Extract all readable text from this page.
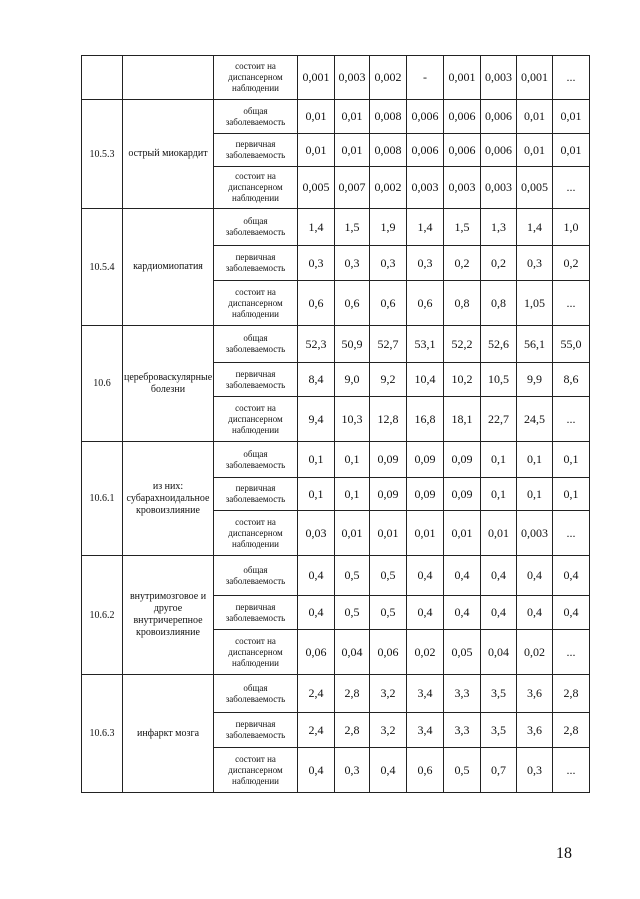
		состоит на диспансерном наблюдении	0,001	0,003	0,002	-	0,001	0,003	0,001	...
10.5.3	острый миокардит	общая заболеваемость	0,01	0,01	0,008	0,006	0,006	0,006	0,01	0,01
		первичная заболеваемость	0,01	0,01	0,008	0,006	0,006	0,006	0,01	0,01
		состоит на диспансерном наблюдении	0,005	0,007	0,002	0,003	0,003	0,003	0,005	...
10.5.4	кардиомиопатия	общая заболеваемость	1,4	1,5	1,9	1,4	1,5	1,3	1,4	1,0
		первичная заболеваемость	0,3	0,3	0,3	0,3	0,2	0,2	0,3	0,2
		состоит на диспансерном наблюдении	0,6	0,6	0,6	0,6	0,8	0,8	1,05	...
10.6	цереброваскулярные болезни	общая заболеваемость	52,3	50,9	52,7	53,1	52,2	52,6	56,1	55,0
		первичная заболеваемость	8,4	9,0	9,2	10,4	10,2	10,5	9,9	8,6
		состоит на диспансерном наблюдении	9,4	10,3	12,8	16,8	18,1	22,7	24,5	...
10.6.1	из них: субарахноидальное кровоизлияние	общая заболеваемость	0,1	0,1	0,09	0,09	0,09	0,1	0,1	0,1
		первичная заболеваемость	0,1	0,1	0,09	0,09	0,09	0,1	0,1	0,1
		состоит на диспансерном наблюдении	0,03	0,01	0,01	0,01	0,01	0,01	0,003	...
10.6.2	внутримозговое и другое внутричерепное кровоизлияние	общая заболеваемость	0,4	0,5	0,5	0,4	0,4	0,4	0,4	0,4
		первичная заболеваемость	0,4	0,5	0,5	0,4	0,4	0,4	0,4	0,4
		состоит на диспансерном наблюдении	0,06	0,04	0,06	0,02	0,05	0,04	0,02	...
10.6.3	инфаркт мозга	общая заболеваемость	2,4	2,8	3,2	3,4	3,3	3,5	3,6	2,8
		первичная заболеваемость	2,4	2,8	3,2	3,4	3,3	3,5	3,6	2,8
		состоит на диспансерном наблюдении	0,4	0,3	0,4	0,6	0,5	0,7	0,3	...
18
